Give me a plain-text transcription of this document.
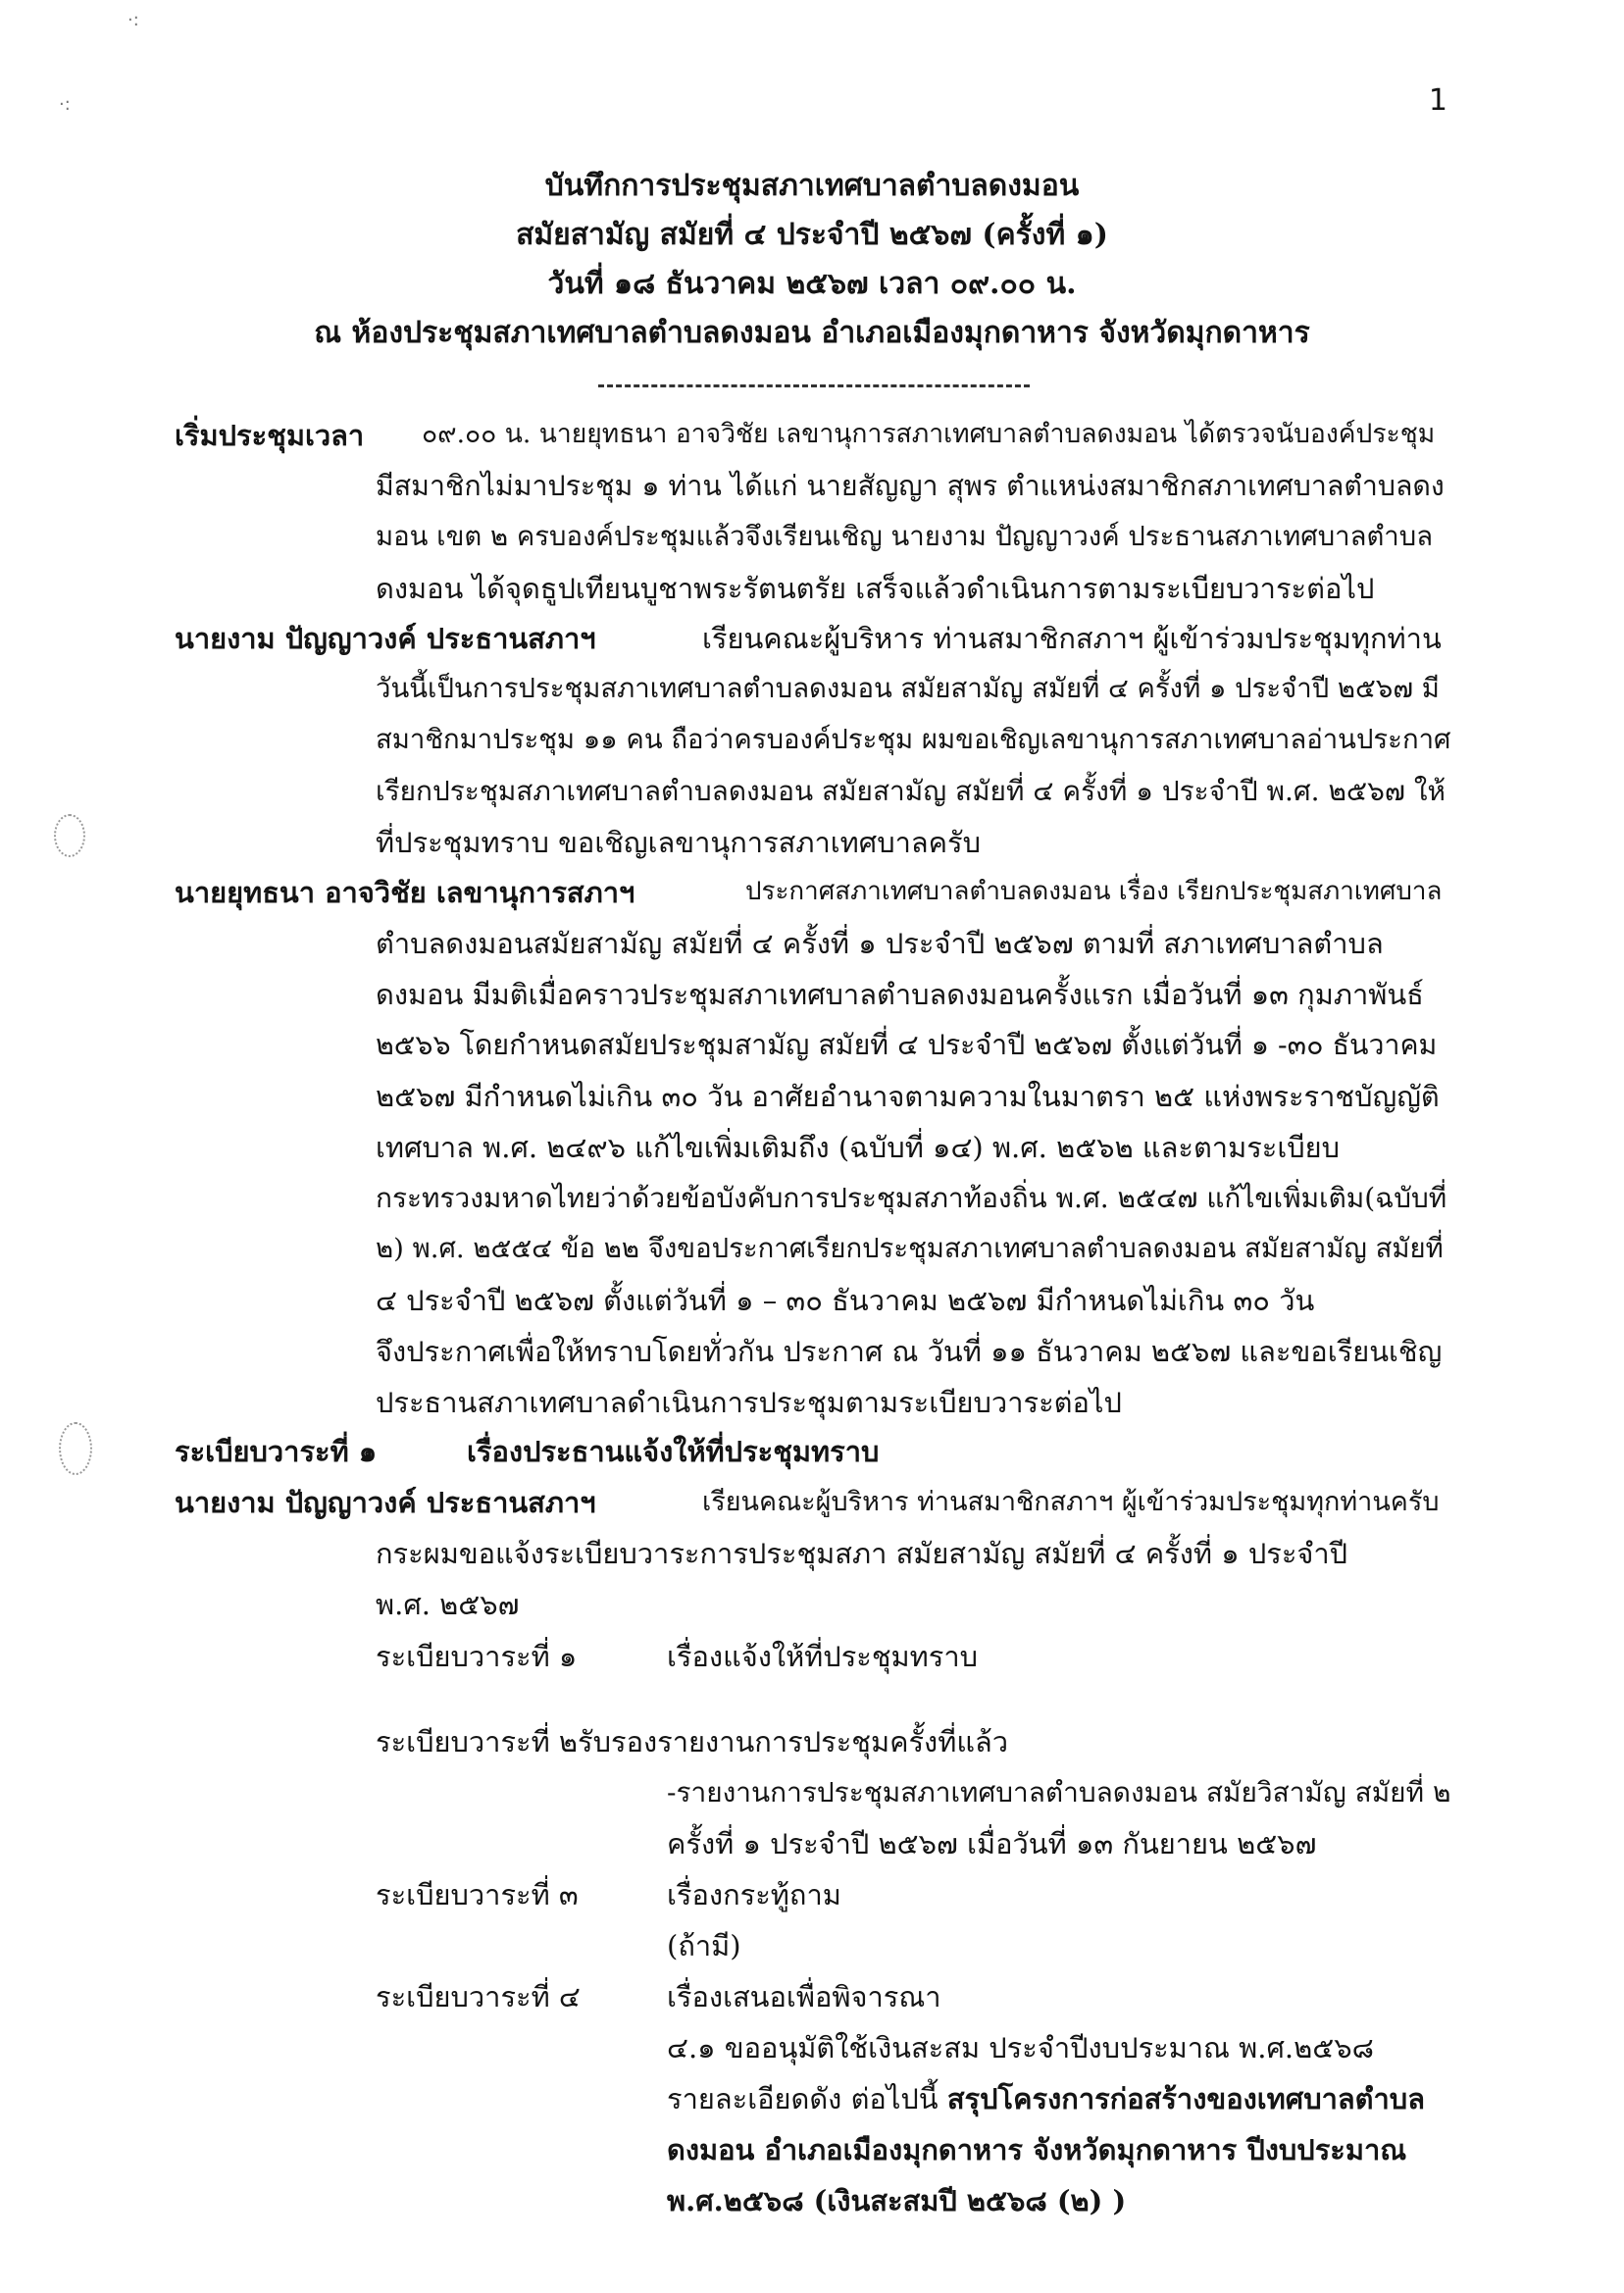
·:
·:	1
บันทึกการประชุมสภาเทศบาลตำบลดงมอน
สมัยสามัญ สมัยที่ ๔ ประจำปี ๒๕๖๗ (ครั้งที่ ๑)
วันที่ ๑๘ ธันวาคม ๒๕๖๗ เวลา ๐๙.๐๐ น.
ณ ห้องประชุมสภาเทศบาลตำบลดงมอน อำเภอเมืองมุกดาหาร จังหวัดมุกดาหาร
เริ่มประชุมเวลา ๐๙.๐๐ น. นายยุทธนา อาจวิชัย เลขานุการสภาเทศบาลตำบลดงมอน ได้ตรวจนับองค์ประชุม
มีสมาชิกไม่มาประชุม ๑ ท่าน ได้แก่ นายสัญญา สุพร ตำแหน่งสมาชิกสภาเทศบาลตำบลดง
มอน เขต ๒ ครบองค์ประชุมแล้วจึงเรียนเชิญ นายงาม ปัญญาวงค์ ประธานสภาเทศบาลตำบล
ดงมอน ได้จุดธูปเทียนบูชาพระรัตนตรัย เสร็จแล้วดำเนินการตามระเบียบวาระต่อไป
นายงาม ปัญญาวงค์ ประธานสภาฯ	เรียนคณะผู้บริหาร ท่านสมาชิกสภาฯ ผู้เข้าร่วมประชุมทุกท่าน
วันนี้เป็นการประชุมสภาเทศบาลตำบลดงมอน สมัยสามัญ สมัยที่ ๔ ครั้งที่ ๑ ประจำปี ๒๕๖๗ มี
สมาชิกมาประชุม ๑๑ คน ถือว่าครบองค์ประชุม ผมขอเชิญเลขานุการสภาเทศบาลอ่านประกาศ
เรียกประชุมสภาเทศบาลตำบลดงมอน สมัยสามัญ สมัยที่ ๔ ครั้งที่ ๑ ประจำปี พ.ศ. ๒๕๖๗ ให้
ที่ประชุมทราบ ขอเชิญเลขานุการสภาเทศบาลครับ
นายยุทธนา อาจวิชัย เลขานุการสภาฯ	ประกาศสภาเทศบาลตำบลดงมอน เรื่อง เรียกประชุมสภาเทศบาล
ตำบลดงมอนสมัยสามัญ สมัยที่ ๔ ครั้งที่ ๑ ประจำปี ๒๕๖๗ ตามที่ สภาเทศบาลตำบล
ดงมอน มีมติเมื่อคราวประชุมสภาเทศบาลตำบลดงมอนครั้งแรก เมื่อวันที่ ๑๓ กุมภาพันธ์
๒๕๖๖ โดยกำหนดสมัยประชุมสามัญ สมัยที่ ๔ ประจำปี ๒๕๖๗ ตั้งแต่วันที่ ๑ -๓๐ ธันวาคม
๒๕๖๗ มีกำหนดไม่เกิน ๓๐ วัน อาศัยอำนาจตามความในมาตรา ๒๕ แห่งพระราชบัญญัติ
เทศบาล พ.ศ. ๒๔๙๖ แก้ไขเพิ่มเติมถึง (ฉบับที่ ๑๔) พ.ศ. ๒๕๖๒ และตามระเบียบ
กระทรวงมหาดไทยว่าด้วยข้อบังคับการประชุมสภาท้องถิ่น พ.ศ. ๒๕๔๗ แก้ไขเพิ่มเติม(ฉบับที่
๒) พ.ศ. ๒๕๕๔ ข้อ ๒๒ จึงขอประกาศเรียกประชุมสภาเทศบาลตำบลดงมอน สมัยสามัญ สมัยที่
๔ ประจำปี ๒๕๖๗ ตั้งแต่วันที่ ๑ – ๓๐ ธันวาคม ๒๕๖๗ มีกำหนดไม่เกิน ๓๐ วัน
จึงประกาศเพื่อให้ทราบโดยทั่วกัน ประกาศ ณ วันที่ ๑๑ ธันวาคม ๒๕๖๗ และขอเรียนเชิญ
ประธานสภาเทศบาลดำเนินการประชุมตามระเบียบวาระต่อไป
ระเบียบวาระที่ ๑	เรื่องประธานแจ้งให้ที่ประชุมทราบ
นายงาม ปัญญาวงค์ ประธานสภาฯ	เรียนคณะผู้บริหาร ท่านสมาชิกสภาฯ ผู้เข้าร่วมประชุมทุกท่านครับ
กระผมขอแจ้งระเบียบวาระการประชุมสภา สมัยสามัญ สมัยที่ ๔ ครั้งที่ ๑ ประจำปี
พ.ศ. ๒๕๖๗
ระเบียบวาระที่ ๑	เรื่องแจ้งให้ที่ประชุมทราบ
ระเบียบวาระที่ ๒รับรองรายงานการประชุมครั้งที่แล้ว
-รายงานการประชุมสภาเทศบาลตำบลดงมอน สมัยวิสามัญ สมัยที่ ๒
ครั้งที่ ๑ ประจำปี ๒๕๖๗ เมื่อวันที่ ๑๓ กันยายน ๒๕๖๗
ระเบียบวาระที่ ๓	เรื่องกระทู้ถาม
(ถ้ามี)
ระเบียบวาระที่ ๔	เรื่องเสนอเพื่อพิจารณา
๔.๑ ขออนุมัติใช้เงินสะสม ประจำปีงบประมาณ พ.ศ.๒๕๖๘
รายละเอียดดัง ต่อไปนี้ สรุปโครงการก่อสร้างของเทศบาลตำบล
ดงมอน อำเภอเมืองมุกดาหาร จังหวัดมุกดาหาร ปีงบประมาณ
พ.ศ.๒๕๖๘ (เงินสะสมปี ๒๕๖๘ (๒) )
